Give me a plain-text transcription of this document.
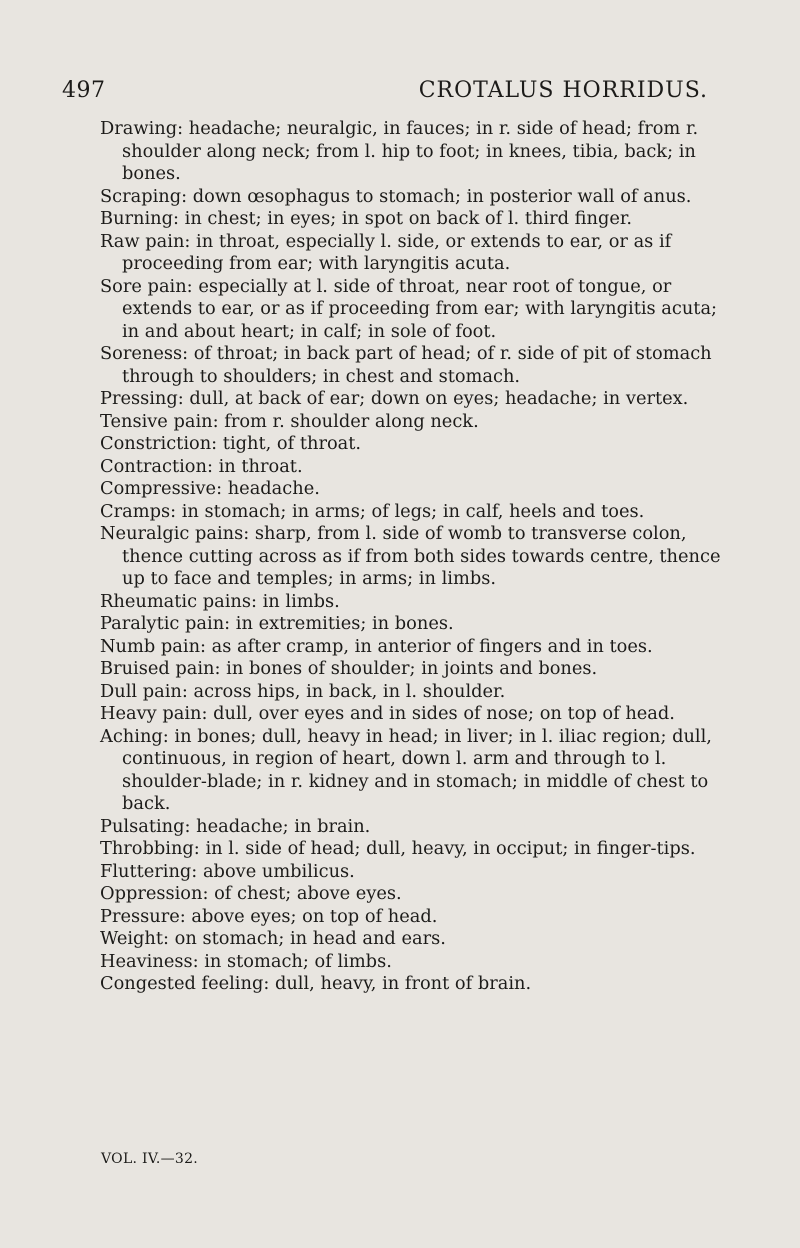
497	CROTALUS HORRIDUS.

Drawing: headache; neuralgic, in fauces; in r. side of head; from r. shoulder along neck; from l. hip to foot; in knees, tibia, back; in bones.

Scraping: down œsophagus to stomach; in posterior wall of anus.

Burning: in chest; in eyes; in spot on back of l. third finger.

Raw pain: in throat, especially l. side, or extends to ear, or as if proceeding from ear; with laryngitis acuta.

Sore pain: especially at l. side of throat, near root of tongue, or extends to ear, or as if proceeding from ear; with laryngitis acuta; in and about heart; in calf; in sole of foot.

Soreness: of throat; in back part of head; of r. side of pit of stomach through to shoulders; in chest and stomach.

Pressing: dull, at back of ear; down on eyes; headache; in vertex.

Tensive pain: from r. shoulder along neck.

Constriction: tight, of throat.

Contraction: in throat.

Compressive: headache.

Cramps: in stomach; in arms; of legs; in calf, heels and toes.

Neuralgic pains: sharp, from l. side of womb to transverse colon, thence cutting across as if from both sides towards centre, thence up to face and temples; in arms; in limbs.

Rheumatic pains: in limbs.

Paralytic pain: in extremities; in bones.

Numb pain: as after cramp, in anterior of fingers and in toes.

Bruised pain: in bones of shoulder; in joints and bones.

Dull pain: across hips, in back, in l. shoulder.

Heavy pain: dull, over eyes and in sides of nose; on top of head.

Aching: in bones; dull, heavy in head; in liver; in l. iliac region; dull, continuous, in region of heart, down l. arm and through to l. shoulder-blade; in r. kidney and in stomach; in middle of chest to back.

Pulsating: headache; in brain.

Throbbing: in l. side of head; dull, heavy, in occiput; in finger-tips.

Fluttering: above umbilicus.

Oppression: of chest; above eyes.

Pressure: above eyes; on top of head.

Weight: on stomach; in head and ears.

Heaviness: in stomach; of limbs.

Congested feeling: dull, heavy, in front of brain.

VOL. IV.—32.
